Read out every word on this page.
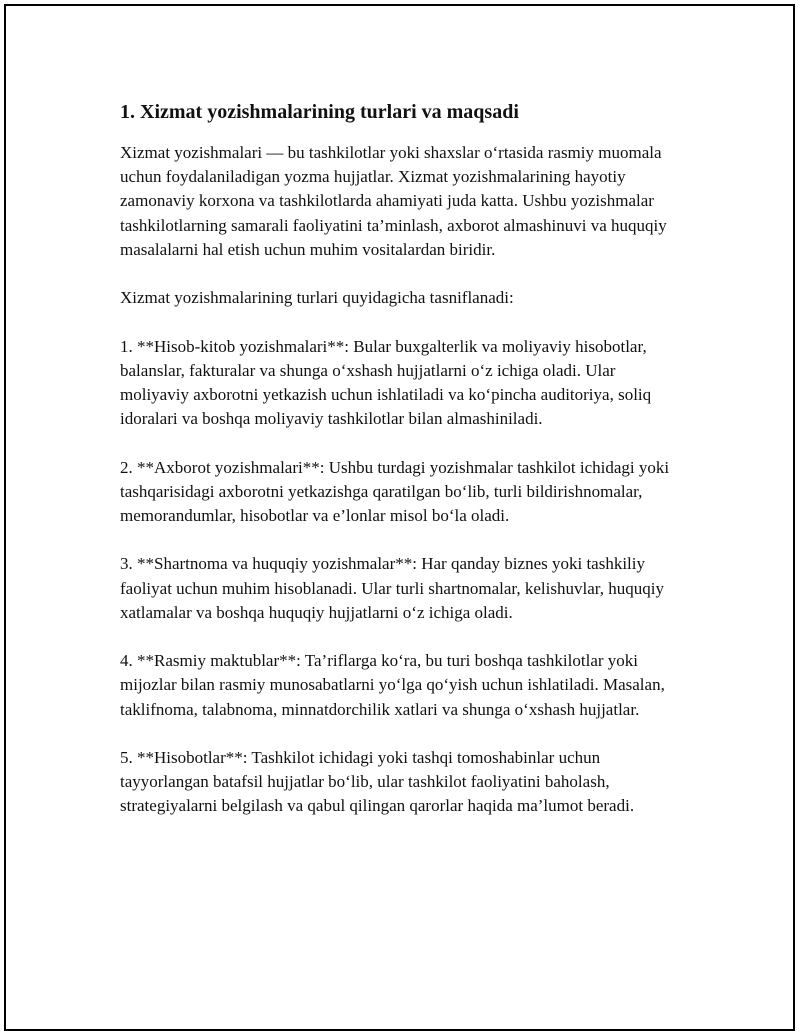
1. Xizmat yozishmalarining turlari va maqsadi

Xizmat yozishmalari — bu tashkilotlar yoki shaxslar o‘rtasida rasmiy muomala uchun foydalaniladigan yozma hujjatlar. Xizmat yozishmalarining hayotiy zamonaviy korxona va tashkilotlarda ahamiyati juda katta. Ushbu yozishmalar tashkilotlarning samarali faoliyatini ta’minlash, axborot almashinuvi va huquqiy masalalarni hal etish uchun muhim vositalardan biridir.

Xizmat yozishmalarining turlari quyidagicha tasniflanadi:

1. **Hisob-kitob yozishmalari**: Bular buxgalterlik va moliyaviy hisobotlar, balanslar, fakturalar va shunga o‘xshash hujjatlarni o‘z ichiga oladi. Ular moliyaviy axborotni yetkazish uchun ishlatiladi va ko‘pincha auditoriya, soliq idoralari va boshqa moliyaviy tashkilotlar bilan almashiniladi.

2. **Axborot yozishmalari**: Ushbu turdagi yozishmalar tashkilot ichidagi yoki tashqarisidagi axborotni yetkazishga qaratilgan bo‘lib, turli bildirishnomalar, memorandumlar, hisobotlar va e’lonlar misol bo‘la oladi.

3. **Shartnoma va huquqiy yozishmalar**: Har qanday biznes yoki tashkiliy faoliyat uchun muhim hisoblanadi. Ular turli shartnomalar, kelishuvlar, huquqiy xatlamalar va boshqa huquqiy hujjatlarni o‘z ichiga oladi.

4. **Rasmiy maktublar**: Ta’riflarga ko‘ra, bu turi boshqa tashkilotlar yoki mijozlar bilan rasmiy munosabatlarni yo‘lga qo‘yish uchun ishlatiladi. Masalan, taklifnoma, talabnoma, minnatdorchilik xatlari va shunga o‘xshash hujjatlar.

5. **Hisobotlar**: Tashkilot ichidagi yoki tashqi tomoshabinlar uchun tayyorlangan batafsil hujjatlar bo‘lib, ular tashkilot faoliyatini baholash, strategiyalarni belgilash va qabul qilingan qarorlar haqida ma’lumot beradi.
